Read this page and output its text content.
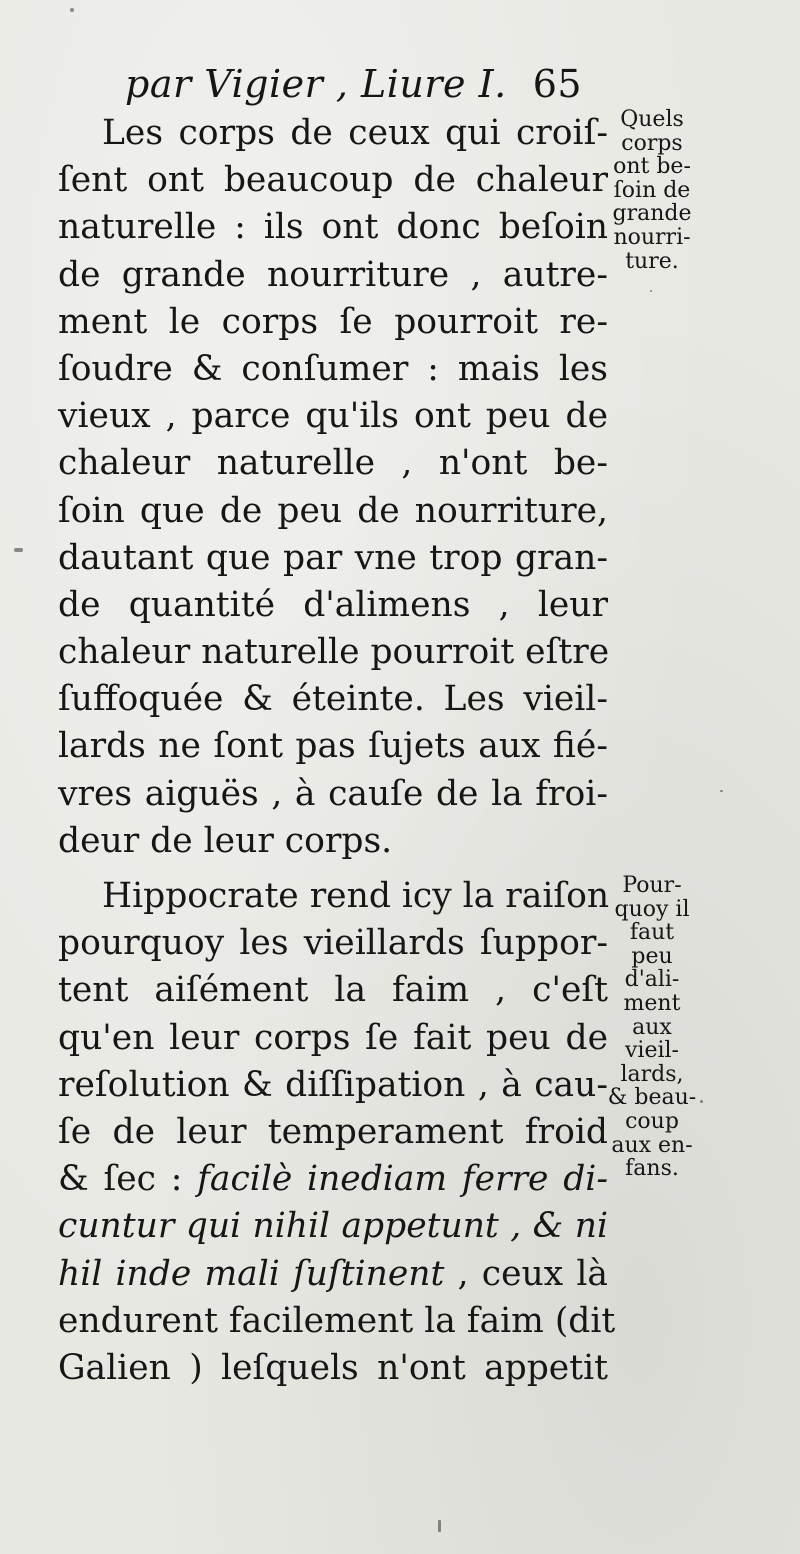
par Vigier , Liure I. 65
Les corps de ceux qui croiſ-
ſent ont beaucoup de chaleur
naturelle : ils ont donc beſoin
de grande nourriture , autre-
ment le corps ſe pourroit re-
ſoudre & conſumer : mais les
vieux , parce qu'ils ont peu de
chaleur naturelle , n'ont be-
ſoin que de peu de nourriture,
dautant que par vne trop gran-
de quantité d'alimens , leur
chaleur naturelle pourroit eſtre
ſuffoquée & éteinte. Les vieil-
lards ne ſont pas ſujets aux fié-
vres aiguës , à cauſe de la froi-
deur de leur corps.
Hippocrate rend icy la raiſon
pourquoy les vieillards ſuppor-
tent aiſément la faim , c'eſt
qu'en leur corps ſe fait peu de
reſolution & diſſipation , à cau-
ſe de leur temperament froid
& ſec : facilè inediam ferre di-
cuntur qui nihil appetunt , & ni
hil inde mali ſuſtinent , ceux là
endurent facilement la faim (dit
Galien ) leſquels n'ont appetit
Quels
corps
ont be-
ſoin de
grande
nourri-
ture.
Pour-
quoy il
faut
peu
d'ali-
ment
aux
vieil-
lards,
& beau-
coup
aux en-
fans.
